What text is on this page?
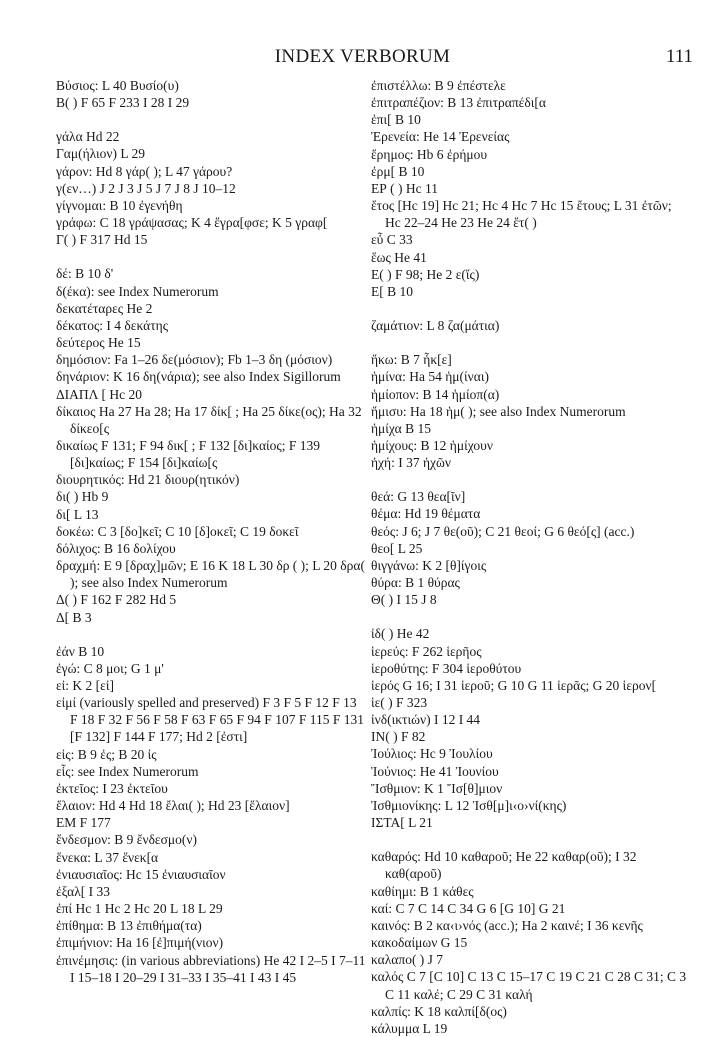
INDEX VERBORUM	111
Βύσιος: L 40 Βυσίο(υ)
Β( ) F 65 F 233 I 28 I 29
γάλα Hd 22
Γαμ(ήλιον) L 29
γάρον: Hd 8 γάρ( ); L 47 γάρου?
γ(εν…) J 2 J 3 J 5 J 7 J 8 J 10–12
γίγνομαι: B 10 ἐγενήθη
γράφω: C 18 γράψασας; K 4 ἔγρα[φσε; K 5 γραφ[
Γ( ) F 317 Hd 15
δέ: B 10 δ'
δ(έκα): see Index Numerorum
δεκατέταρες He 2
δέκατος: I 4 δεκάτης
δεύτερος He 15
δημόσιον: Fa 1–26 δε(μόσιον); Fb 1–3 δη (μόσιον)
δηνάριον: K 16 δη(νάρια); see also Index Sigillorum
ΔΙΑΠΛ [ Hc 20
δίκαιος Ha 27 Ha 28; Ha 17 δίκ[ ; Ha 25 δίκε(ος); Ha 32 δίκεο[ς
δικαίως F 131; F 94 δικ[ ; F 132 [δι]καίος; F 139 [δι]καίως; F 154 [δι]καίω[ς
διουρητικός: Hd 21 διουρ(ητικόν)
δι( ) Hb 9
δι[ L 13
δοκέω: C 3 [δο]κεῖ; C 10 [δ]οκεῖ; C 19 δοκεῖ
δόλιχος: B 16 δολίχου
δραχμή: E 9 [δραχ]μῶν; E 16 K 18 L 30 δρ ( ); L 20 δρα( ); see also Index Numerorum
Δ( ) F 162 F 282 Hd 5
Δ[ B 3
ἐάν B 10
ἐγώ: C 8 μοι; G 1 μ'
εἰ: K 2 [εἰ]
εἰμί (variously spelled and preserved) F 3 F 5 F 12 F 13 F 18 F 32 F 56 F 58 F 63 F 65 F 94 F 107 F 115 F 131 [F 132] F 144 F 177; Hd 2 [ἐστι]
εἰς: B 9 ἐς; B 20 ἰς
εἷς: see Index Numerorum
ἐκτεῖος: I 23 ἐκτεῖου
ἔλαιον: Hd 4 Hd 18 ἔλαι( ); Hd 23 [ἔλαιον]
ΕΜ F 177
ἔνδεσμον: B 9 ἔνδεσμο(ν)
ἕνεκα: L 37 ἕνεκ[α
ἐνιαυσιαῖος: Hc 15 ἐνιαυσιαῖον
ἐξαλ[ I 33
ἐπί Hc 1 Hc 2 Hc 20 L 18 L 29
ἐπίθημα: B 13 ἐπιθήμα(τα)
ἐπιμήνιον: Ha 16 [ἐ]πιμή(νιον)
ἐπινέμησις: (in various abbreviations) He 42 I 2–5 I 7–11 I 15–18 I 20–29 I 31–33 I 35–41 I 43 I 45
ἐπιστέλλω: B 9 ἐπέστελε
ἐπιτραπέζιον: B 13 ἐπιτραπέδι[α
ἐπι[ B 10
Ἐρενεία: He 14 Ἐρενείας
ἔρημος: Hb 6 ἐρήμου
ἐρμ[ B 10
ΕΡ ( ) Hc 11
ἔτος [Hc 19] Hc 21; Hc 4 Hc 7 Hc 15 ἔτους; L 31 ἐτῶν; Hc 22–24 He 23 He 24 ἔτ( )
εὖ C 33
ἕως He 41
Ε( ) F 98; He 2 ε(ἴς)
Ε[ B 10
ζαμάτιον: L 8 ζα(μάτια)
ἥκω: B 7 ἧκ[ε]
ἡμίνα: Ha 54 ἡμ(ίναι)
ἡμίοπον: B 14 ἡμίοπ(α)
ἥμισυ: Ha 18 ἡμ( ); see also Index Numerorum
ἡμίχα B 15
ἡμίχους: B 12 ἡμίχουν
ἠχή: I 37 ἠχῶν
θεά: G 13 θεα[ῖν]
θέμα: Hd 19 θέματα
θεός: J 6; J 7 θε(οῦ); C 21 θεοί; G 6 θεό[ς] (acc.)
θεο[ L 25
θιγγάνω: K 2 [θ]ίγοις
θύρα: B 1 θύρας
Θ( ) I 15 J 8
ἰδ( ) He 42
ἱερεύς: F 262 ἱερῆος
ἱεροθύτης: F 304 ἱεροθύτου
ἱερός G 16; I 31 ἱεροῦ; G 10 G 11 ἱερᾶς; G 20 ἱερον[
ἱε( ) F 323
ἰνδ(ικτιών) I 12 I 44
ΙΝ( ) F 82
Ἰούλιος: Hc 9 Ἰουλίου
Ἰούνιος: He 41 Ἰουνίου
Ἴσθμιον: K 1 Ἴσ[θ]μιον
Ἰσθμιονίκης: L 12 Ἰσθ[μ]ι‹ο›νί(κης)
ΙΣΤΑ[ L 21
καθαρός: Hd 10 καθαροῦ; He 22 καθαρ(οῦ); I 32 καθ(αροῦ)
καθίημι: B 1 κάθες
καί: C 7 C 14 C 34 G 6 [G 10] G 21
καινός: B 2 κα‹ι›νός (acc.); Ha 2 καινέ; I 36 κενῆς
κακοδαίμων G 15
καλαπο( ) J 7
καλός C 7 [C 10] C 13 C 15–17 C 19 C 21 C 28 C 31; C 3 C 11 καλέ; C 29 C 31 καλή
καλπίς: K 18 καλπί[δ(ος)
κάλυμμα L 19
